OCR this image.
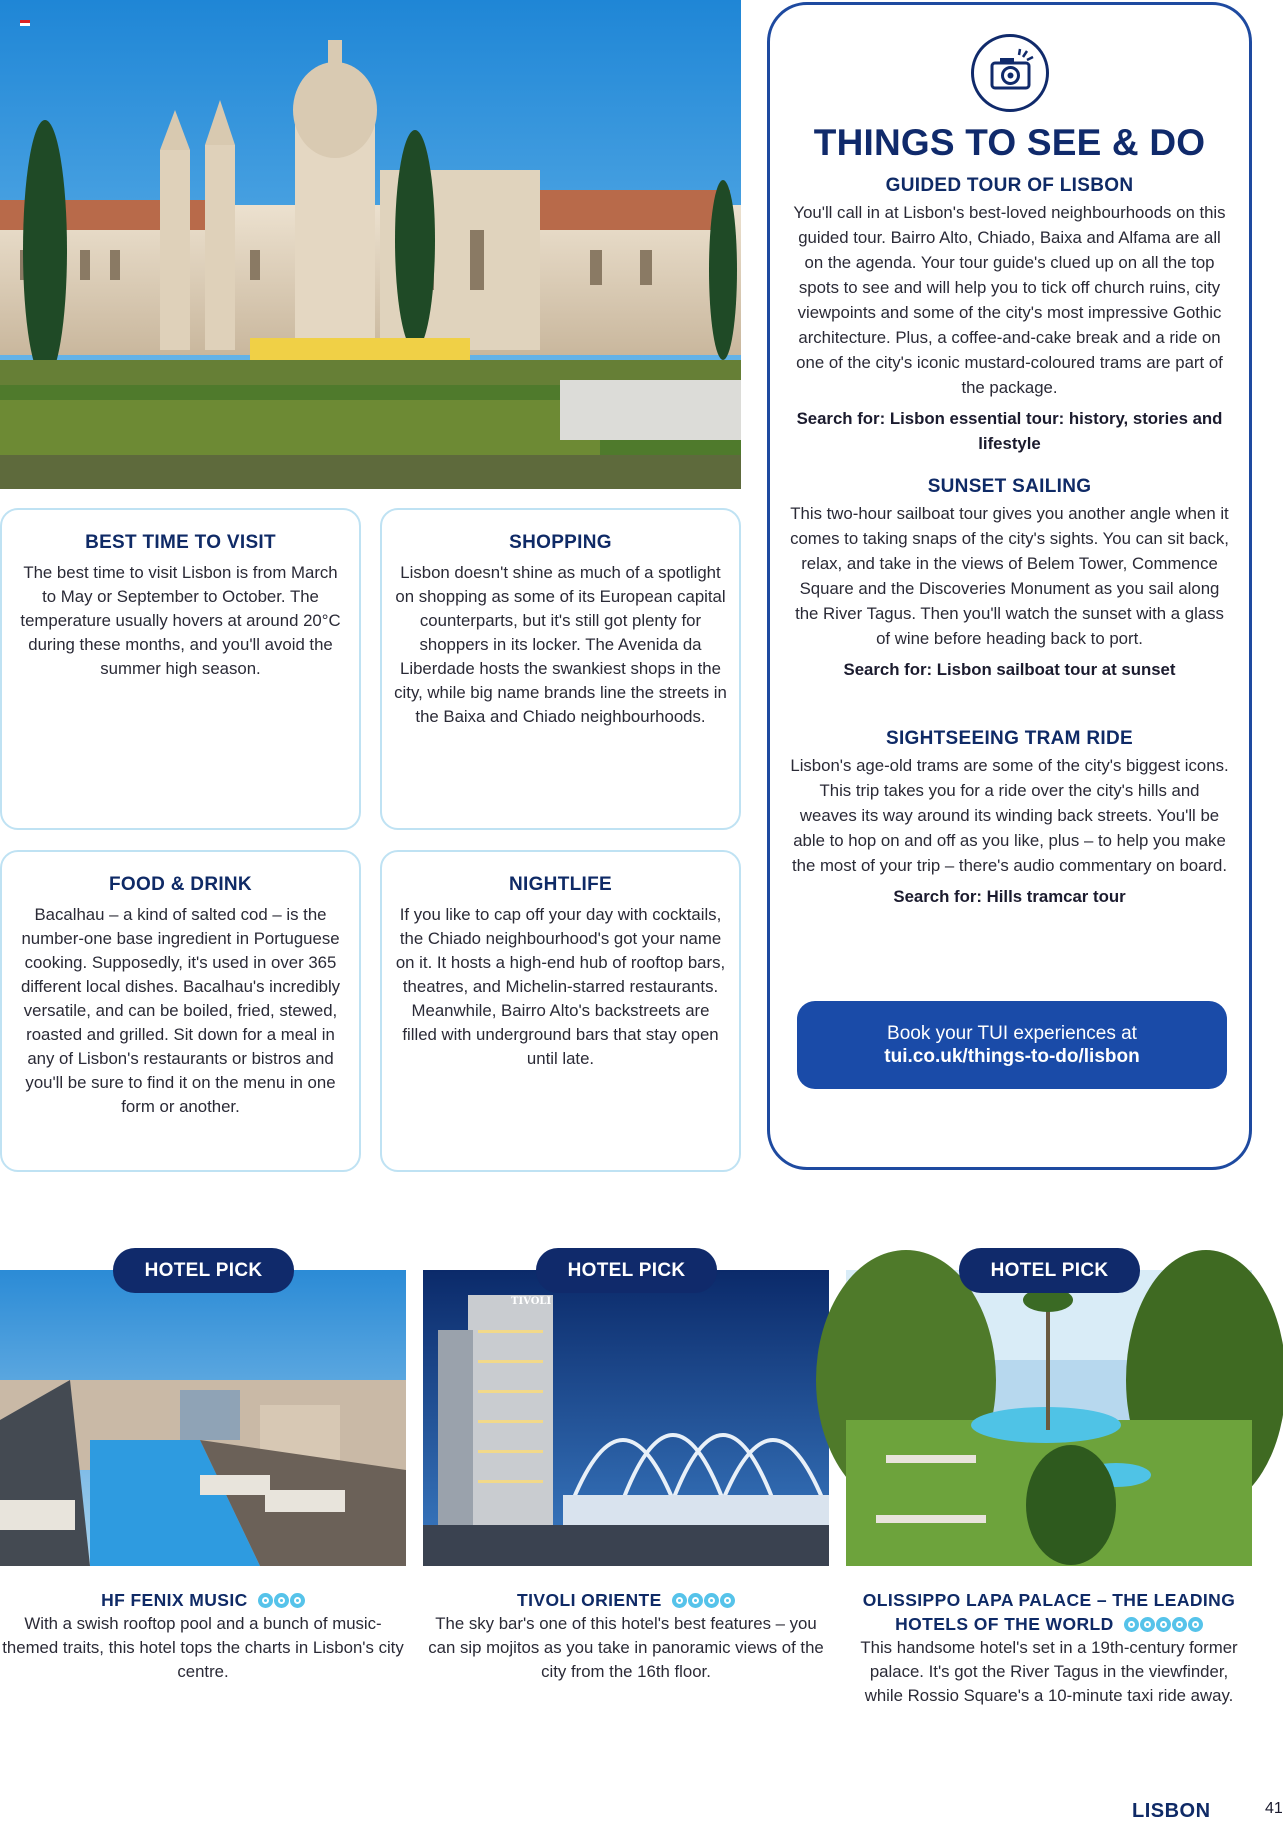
BEST TIME TO VISIT

The best time to visit Lisbon is from March to May or September to October. The temperature usually hovers at around 20°C during these months, and you'll avoid the summer high season.

SHOPPING

Lisbon doesn't shine as much of a spotlight on shopping as some of its European capital counterparts, but it's still got plenty for shoppers in its locker. The Avenida da Liberdade hosts the swankiest shops in the city, while big name brands line the streets in the Baixa and Chiado neighbourhoods.

FOOD & DRINK

Bacalhau – a kind of salted cod – is the number-one base ingredient in Portuguese cooking. Supposedly, it's used in over 365 different local dishes. Bacalhau's incredibly versatile, and can be boiled, fried, stewed, roasted and grilled. Sit down for a meal in any of Lisbon's restaurants or bistros and you'll be sure to find it on the menu in one form or another.

NIGHTLIFE

If you like to cap off your day with cocktails, the Chiado neighbourhood's got your name on it. It hosts a high-end hub of rooftop bars, theatres, and Michelin-starred restaurants. Meanwhile, Bairro Alto's backstreets are filled with underground bars that stay open until late.

THINGS TO SEE & DO
GUIDED TOUR OF LISBON

You'll call in at Lisbon's best-loved neighbourhoods on this guided tour. Bairro Alto, Chiado, Baixa and Alfama are all on the agenda. Your tour guide's clued up on all the top spots to see and will help you to tick off church ruins, city viewpoints and some of the city's most impressive Gothic architecture. Plus, a coffee-and-cake break and a ride on one of the city's iconic mustard-coloured trams are part of the package.

Search for: Lisbon essential tour: history, stories and lifestyle

SUNSET SAILING

This two-hour sailboat tour gives you another angle when it comes to taking snaps of the city's sights. You can sit back, relax, and take in the views of Belem Tower, Commence Square and the Discoveries Monument as you sail along the River Tagus. Then you'll watch the sunset with a glass of wine before heading back to port.

Search for: Lisbon sailboat tour at sunset

SIGHTSEEING TRAM RIDE

Lisbon's age-old trams are some of the city's biggest icons. This trip takes you for a ride over the city's hills and weaves its way around its winding back streets. You'll be able to hop on and off as you like, plus – to help you make the most of your trip – there's audio commentary on board.

Search for: Hills tramcar tour

Book your TUI experiences at
tui.co.uk/things-to-do/lisbon
HOTEL PICK
HF FENIX MUSIC
With a swish rooftop pool and a bunch of music-themed traits, this hotel tops the charts in Lisbon's city centre.
HOTEL PICK
TIVOLI
TIVOLI ORIENTE
The sky bar's one of this hotel's best features – you can sip mojitos as you take in panoramic views of the city from the 16th floor.
HOTEL PICK
OLISSIPPO LAPA PALACE – THE LEADING
HOTELS OF THE WORLD
This handsome hotel's set in a 19th-century former palace. It's got the River Tagus in the viewfinder, while Rossio Square's a 10-minute taxi ride away.
LISBON	41
